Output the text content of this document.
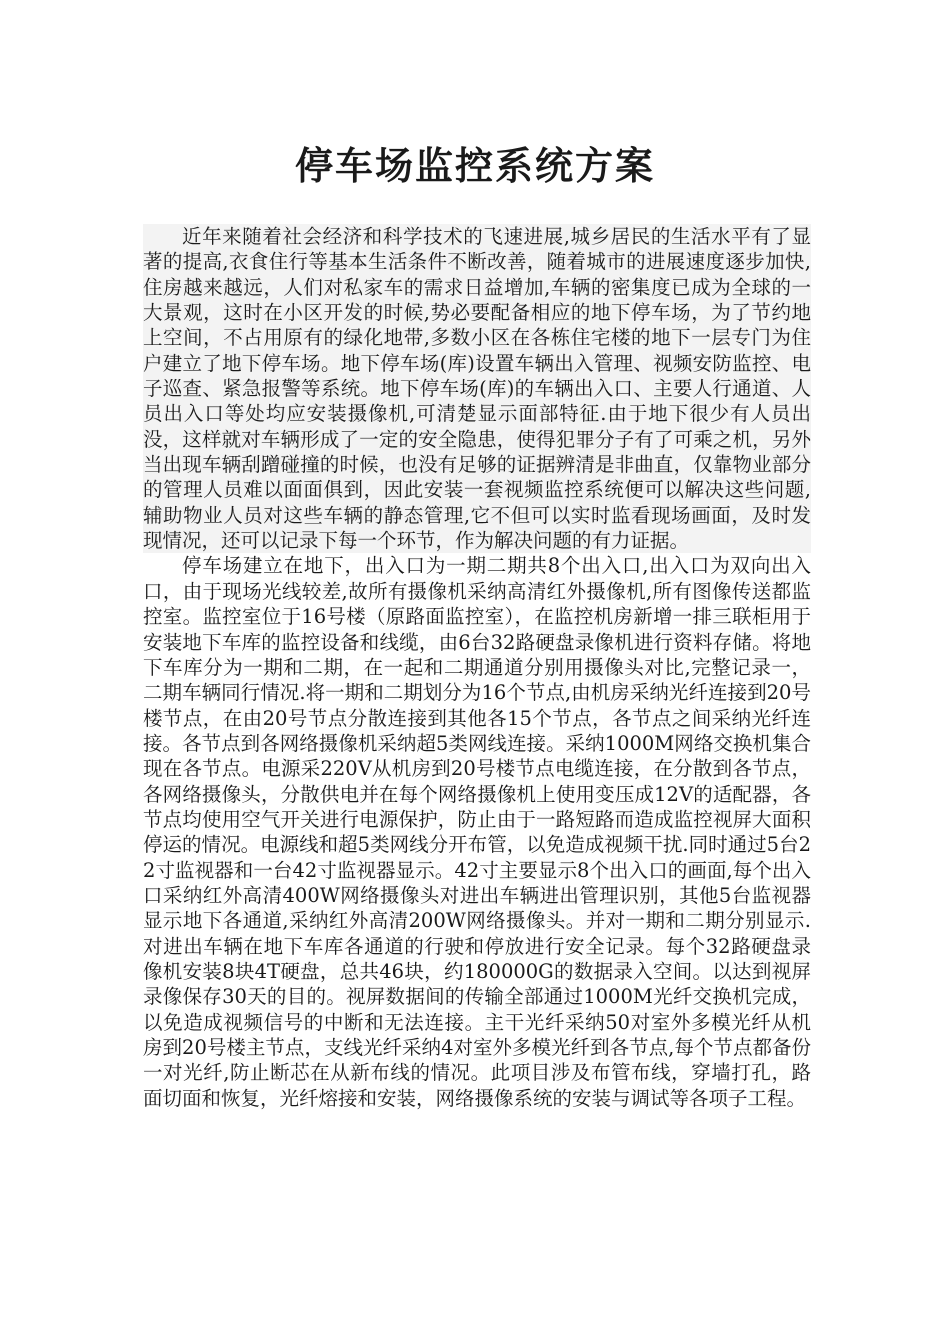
停车场监控系统方案

近年来随着社会经济和科学技术的飞速进展,城乡居民的生活水平有了显著的提高,衣食住行等基本生活条件不断改善，随着城市的进展速度逐步加快,住房越来越远，人们对私家车的需求日益增加,车辆的密集度已成为全球的一大景观，这时在小区开发的时候,势必要配备相应的地下停车场，为了节约地上空间，不占用原有的绿化地带,多数小区在各栋住宅楼的地下一层专门为住户建立了地下停车场。地下停车场(库)设置车辆出入管理、视频安防监控、电子巡查、紧急报警等系统。地下停车场(库)的车辆出入口、主要人行通道、人员出入口等处均应安装摄像机,可清楚显示面部特征.由于地下很少有人员出没，这样就对车辆形成了一定的安全隐患，使得犯罪分子有了可乘之机，另外当出现车辆刮蹭碰撞的时候，也没有足够的证据辨清是非曲直，仅靠物业部分的管理人员难以面面俱到，因此安装一套视频监控系统便可以解决这些问题,辅助物业人员对这些车辆的静态管理,它不但可以实时监看现场画面，及时发现情况，还可以记录下每一个环节，作为解决问题的有力证据。

停车场建立在地下，出入口为一期二期共8个出入口,出入口为双向出入口，由于现场光线较差,故所有摄像机采纳高清红外摄像机,所有图像传送都监控室。监控室位于16号楼（原路面监控室），在监控机房新增一排三联柜用于安装地下车库的监控设备和线缆，由6台32路硬盘录像机进行资料存储。将地下车库分为一期和二期，在一起和二期通道分别用摄像头对比,完整记录一，二期车辆同行情况.将一期和二期划分为16个节点,由机房采纳光纤连接到20号楼节点，在由20号节点分散连接到其他各15个节点，各节点之间采纳光纤连接。各节点到各网络摄像机采纳超5类网线连接。采纳1000M网络交换机集合现在各节点。电源采220V从机房到20号楼节点电缆连接，在分散到各节点，各网络摄像头，分散供电并在每个网络摄像机上使用变压成12V的适配器，各节点均使用空气开关进行电源保护，防止由于一路短路而造成监控视屏大面积停运的情况。电源线和超5类网线分开布管，以免造成视频干扰.同时通过5台22寸监视器和一台42寸监视器显示。42寸主要显示8个出入口的画面,每个出入口采纳红外高清400W网络摄像头对进出车辆进出管理识别，其他5台监视器显示地下各通道,采纳红外高清200W网络摄像头。并对一期和二期分别显示.对进出车辆在地下车库各通道的行驶和停放进行安全记录。每个32路硬盘录像机安装8块4T硬盘，总共46块，约180000G的数据录入空间。以达到视屏录像保存30天的目的。视屏数据间的传输全部通过1000M光纤交换机完成，以免造成视频信号的中断和无法连接。主干光纤采纳50对室外多模光纤从机房到20号楼主节点，支线光纤采纳4对室外多模光纤到各节点,每个节点都备份一对光纤,防止断芯在从新布线的情况。此项目涉及布管布线，穿墙打孔，路面切面和恢复，光纤熔接和安装，网络摄像系统的安装与调试等各项子工程。
